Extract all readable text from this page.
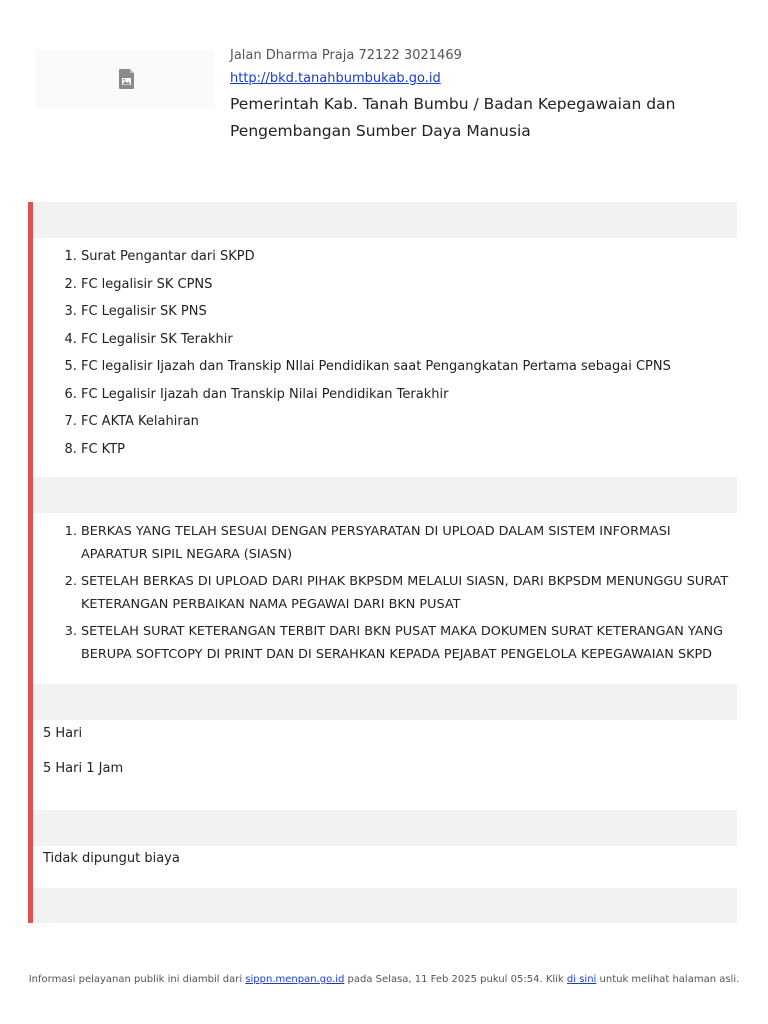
Jalan Dharma Praja 72122 3021469

http://bkd.tanahbumbukab.go.id
Pemerintah Kab. Tanah Bumbu / Badan Kepegawaian dan
Pengembangan Sumber Daya Manusia
1. Surat Pengantar dari SKPD
2. FC legalisir SK CPNS
3. FC Legalisir SK PNS
4. FC Legalisir SK Terakhir
5. FC legalisir Ijazah dan Transkip NIlai Pendidikan saat Pengangkatan Pertama sebagai CPNS
6. FC Legalisir Ijazah dan Transkip Nilai Pendidikan Terakhir
7. FC AKTA Kelahiran
8. FC KTP
1. BERKAS YANG TELAH SESUAI DENGAN PERSYARATAN DI UPLOAD DALAM SISTEM INFORMASI APARATUR SIPIL NEGARA (SIASN)
2. SETELAH BERKAS DI UPLOAD DARI PIHAK BKPSDM MELALUI SIASN, DARI BKPSDM MENUNGGU SURAT KETERANGAN PERBAIKAN NAMA PEGAWAI DARI BKN PUSAT
3. SETELAH SURAT KETERANGAN TERBIT DARI BKN PUSAT MAKA DOKUMEN SURAT KETERANGAN YANG BERUPA SOFTCOPY DI PRINT DAN DI SERAHKAN KEPADA PEJABAT PENGELOLA KEPEGAWAIAN SKPD
5 Hari
5 Hari 1 Jam
Tidak dipungut biaya
Informasi pelayanan publik ini diambil dari sippn.menpan.go.id pada Selasa, 11 Feb 2025 pukul 05:54. Klik di sini untuk melihat halaman asli.
